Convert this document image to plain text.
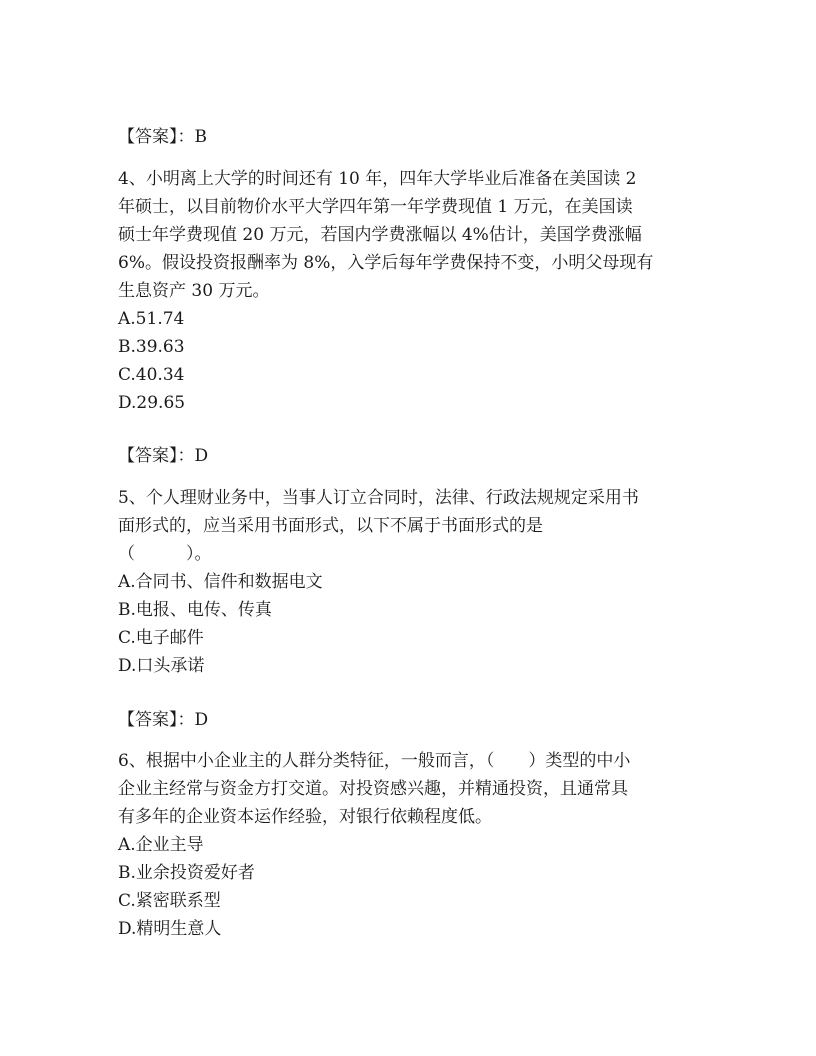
【答案】：B
4、小明离上大学的时间还有 10 年，四年大学毕业后准备在美国读 2
年硕士，以目前物价水平大学四年第一年学费现值 1 万元，在美国读
硕士年学费现值 20 万元，若国内学费涨幅以 4%估计，美国学费涨幅
6%。假设投资报酬率为 8%，入学后每年学费保持不变，小明父母现有
生息资产 30 万元。
A.51.74
B.39.63
C.40.34
D.29.65
【答案】：D
5、个人理财业务中，当事人订立合同时，法律、行政法规规定采用书
面形式的，应当采用书面形式，以下不属于书面形式的是
（　　　）。
A.合同书、信件和数据电文
B.电报、电传、传真
C.电子邮件
D.口头承诺
【答案】：D
6、根据中小企业主的人群分类特征，一般而言，（　　）类型的中小
企业主经常与资金方打交道。对投资感兴趣，并精通投资，且通常具
有多年的企业资本运作经验，对银行依赖程度低。
A.企业主导
B.业余投资爱好者
C.紧密联系型
D.精明生意人
